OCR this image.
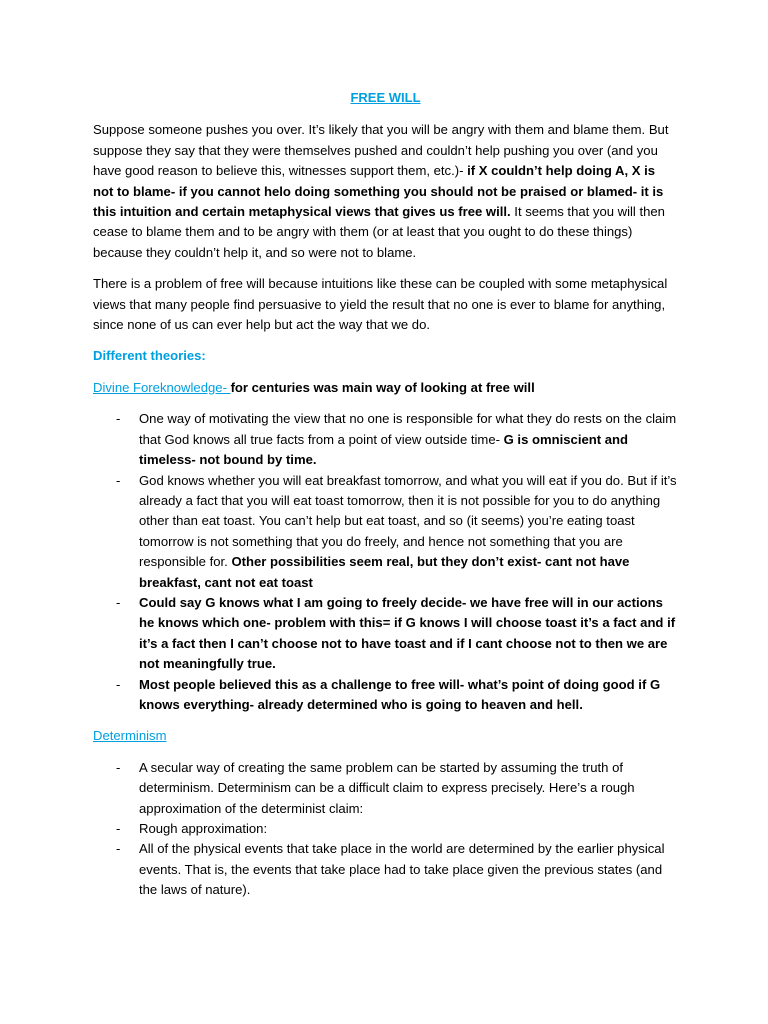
FREE WILL

Suppose someone pushes you over. It’s likely that you will be angry with them and blame them. But suppose they say that they were themselves pushed and couldn’t help pushing you over (and you have good reason to believe this, witnesses support them, etc.)- if X couldn’t help doing A, X is not to blame- if you cannot helo doing something you should not be praised or blamed- it is this intuition and certain metaphysical views that gives us free will. It seems that you will then cease to blame them and to be angry with them (or at least that you ought to do these things) because they couldn’t help it, and so were not to blame.

There is a problem of free will because intuitions like these can be coupled with some metaphysical views that many people find persuasive to yield the result that no one is ever to blame for anything, since none of us can ever help but act the way that we do.

Different theories:
Divine Foreknowledge- for centuries was main way of looking at free will
- One way of motivating the view that no one is responsible for what they do rests on the claim that God knows all true facts from a point of view outside time- G is omniscient and timeless- not bound by time.
- God knows whether you will eat breakfast tomorrow, and what you will eat if you do. But if it’s already a fact that you will eat toast tomorrow, then it is not possible for you to do anything other than eat toast. You can’t help but eat toast, and so (it seems) you’re eating toast tomorrow is not something that you do freely, and hence not something that you are responsible for. Other possibilities seem real, but they don’t exist- cant not have breakfast, cant not eat toast
- Could say G knows what I am going to freely decide- we have free will in our actions he knows which one- problem with this= if G knows I will choose toast it’s a fact and if it’s a fact then I can’t choose not to have toast and if I cant choose not to then we are not meaningfully true.
- Most people believed this as a challenge to free will- what’s point of doing good if G knows everything- already determined who is going to heaven and hell.
Determinism
- A secular way of creating the same problem can be started by assuming the truth of determinism. Determinism can be a difficult claim to express precisely. Here’s a rough approximation of the determinist claim:
- Rough approximation:
- All of the physical events that take place in the world are determined by the earlier physical events. That is, the events that take place had to take place given the previous states (and the laws of nature).
